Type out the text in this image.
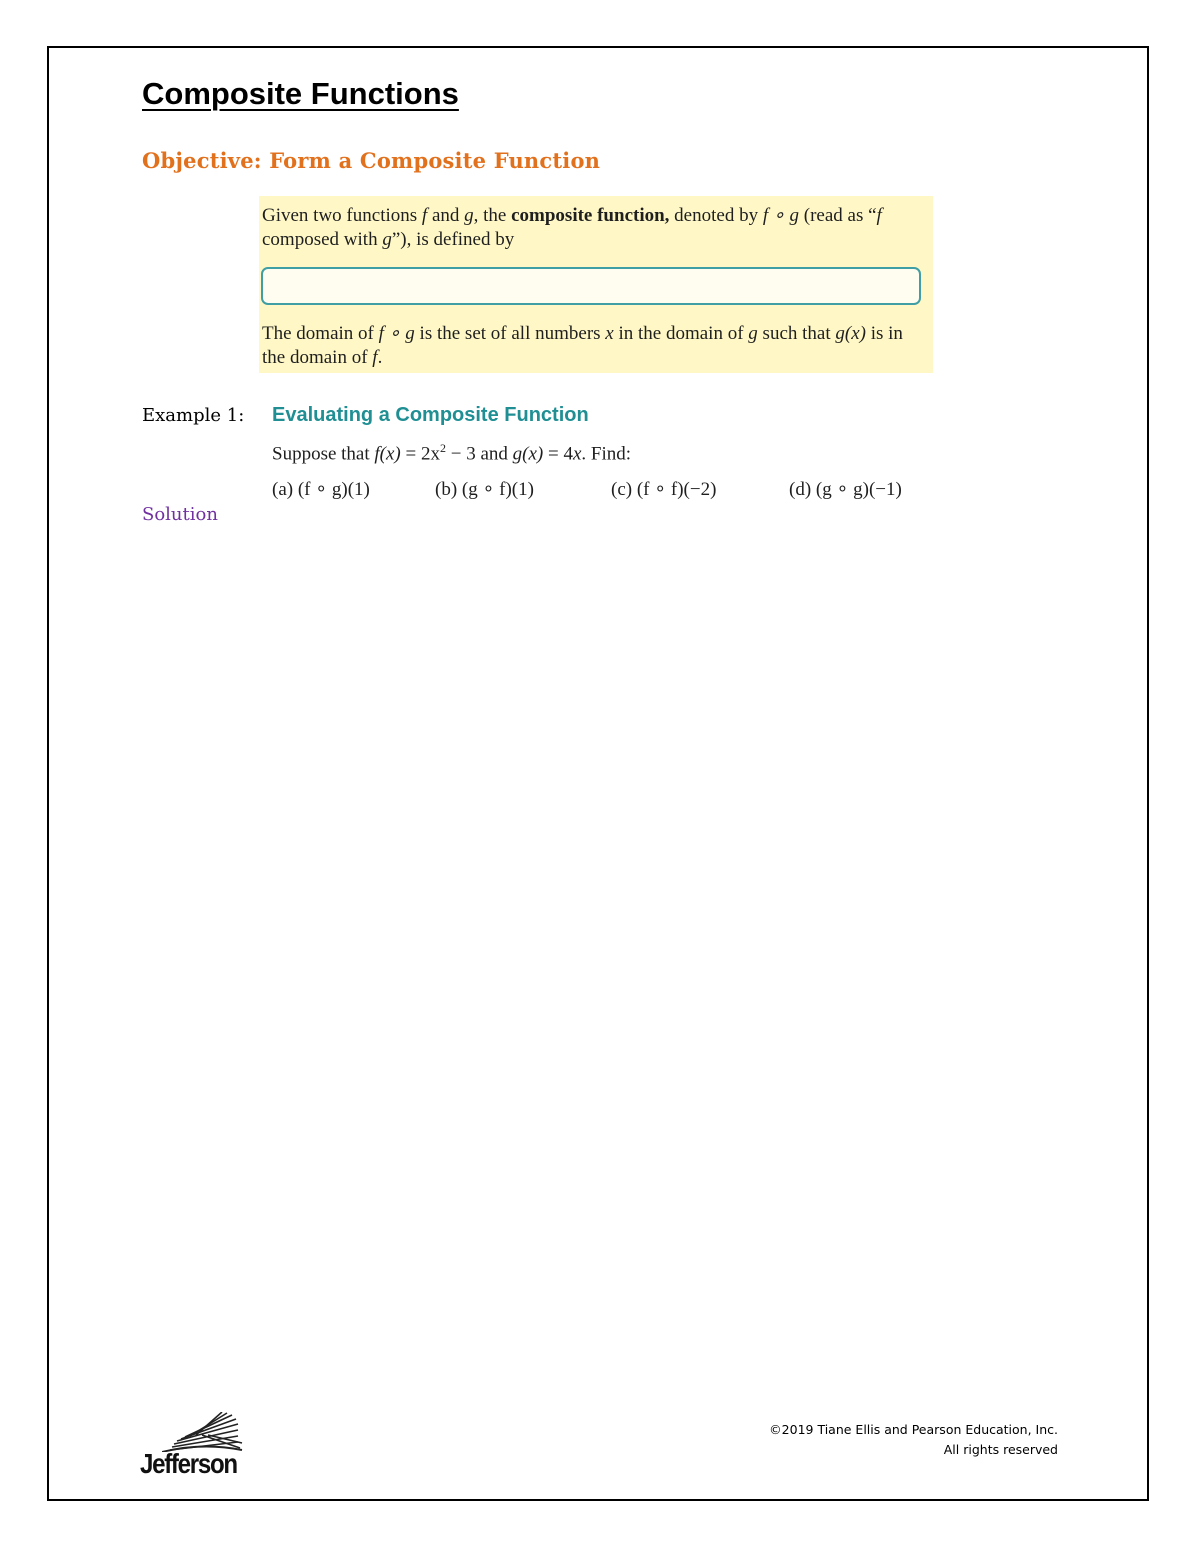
Composite Functions
Objective: Form a Composite Function
Given two functions f and g, the composite function, denoted by f ∘ g (read as “f composed with g”), is defined by
The domain of f ∘ g is the set of all numbers x in the domain of g such that g(x) is in the domain of f.
Example 1: Evaluating a Composite Function
Suppose that $f(x) = 2x^2 - 3$ and g(x) = 4x. Find:
(a) (f ∘ g)(1)	(b) (g ∘ f)(1)	(c) (f ∘ f)(−2)	(d) (g ∘ g)(−1)
Solution
Jefferson
©2019 Tiane Ellis and Pearson Education, Inc.
All rights reserved
